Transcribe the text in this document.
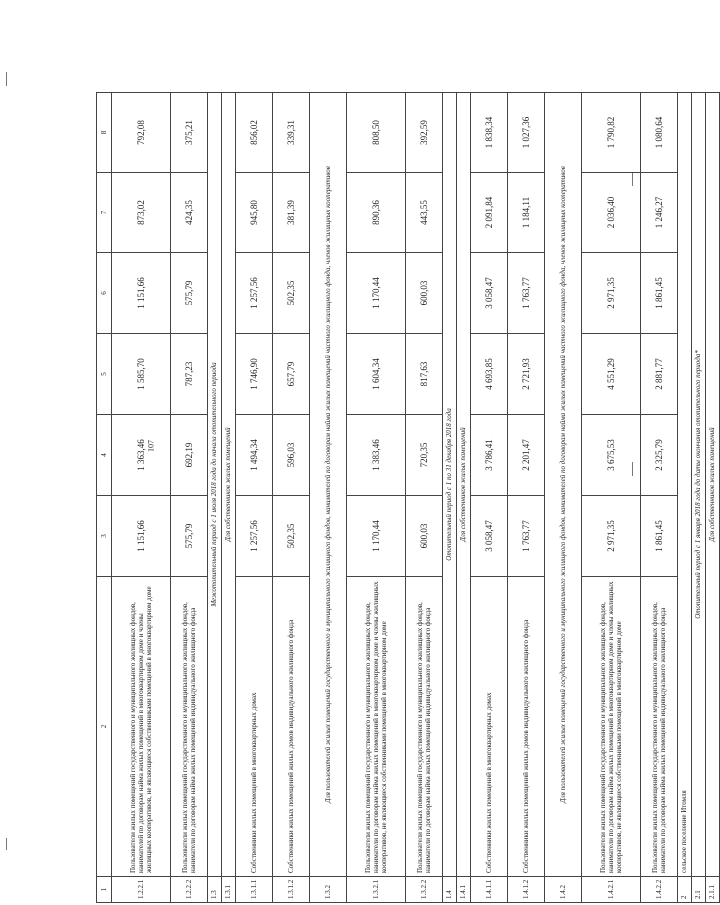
107
1	2	3	4	5	6	7	8
1.2.2.1	Пользователи жилых помещений государственного и муниципального жилищных фондов, нанимателей по договорам найма жилых помещений в многоквартирном доме и члены жилищных кооперативов, не являющиеся собственниками помещений в многоквартирном доме	1 151,66	1 363,46	1 585,70	1 151,66	873,02	792,08
1.2.2.2	Пользователи жилых помещений государственного и муниципального жилищных фондов, наниматели по договорам найма жилых помещений индивидуального жилищного фонда	575,79	692,19	787,23	575,79	424,35	375,21
1.3	Межотопительный период с 1 июля 2018 года до начала отопительного периода						
1.3.1	Для собственников жилых помещений						
1.3.1.1	Собственники жилых помещений в многоквартирных домах	1 257,56	1 494,34	1 746,90	1 257,56	945,80	856,02
1.3.1.2	Собственники жилых помещений жилых домов индивидуального жилищного фонда	502,35	596,03	657,79	502,35	381,39	339,31
1.3.2	Для пользователей жилых помещений государственного и муниципального жилищного фондов, нанимателей по договорам найма жилых помещений частного жилищного фонда, членов жилищных кооперативов						
1.3.2.1	Пользователи жилых помещений государственного и муниципального жилищных фондов, наниматели по договорам найма жилых помещений в многоквартирном доме и члены жилищных кооперативов, не являющиеся собственниками помещений в многоквартирном доме	1 170,44	1 383,46	1 604,34	1 170,44	890,36	808,50
1.3.2.2	Пользователи жилых помещений государственного и муниципального жилищных фондов, наниматели по договорам найма жилых помещений индивидуального жилищного фонда	600,03	720,35	817,63	600,03	443,55	392,59
1.4	Отопительный период с 1 по 31 декабря 2018 года						
1.4.1	Для собственников жилых помещений						
1.4.1.1	Собственники жилых помещений в многоквартирных домах	3 058,47	3 786,41	4 693,85	3 058,47	2 091,84	1 838,34
1.4.1.2	Собственники жилых помещений жилых домов индивидуального жилищного фонда	1 763,77	2 201,47	2 721,93	1 763,77	1 184,11	1 027,36
1.4.2	Для пользователей жилых помещений государственного и муниципального жилищного фондов, нанимателей по договорам найма жилых помещений частного жилищного фонда, членов жилищных кооперативов						
1.4.2.1	Пользователи жилых помещений государственного и муниципального жилищных фондов, наниматели по договорам найма жилых помещений в многоквартирном доме и члены жилищных кооперативов, не являющиеся собственниками помещений в многоквартирном доме	2 971,35	3 675,53	4 551,29	2 971,35	2 036,40	1 790,82
1.4.2.2	Пользователи жилых помещений государственного и муниципального жилищных фондов, наниматели по договорам найма жилых помещений индивидуального жилищного фонда	1 861,45	2 325,79	2 881,77	1 861,45	1 246,27	1 080,64
2	сельское поселение Итомля						
2.1	Отопительный период с 1 января 2018 года до даты окончания отопительного периода*						
2.1.1	Для собственников жилых помещений						
